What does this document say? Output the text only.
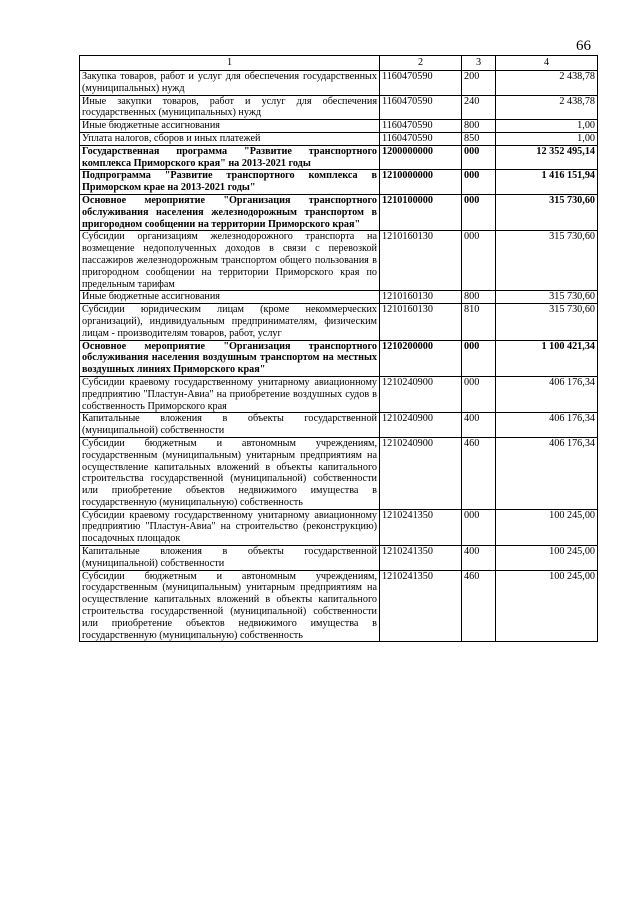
66
1	2	3	4
Закупка товаров, работ и услуг для обеспечения государственных (муниципальных) нужд	1160470590	200	2 438,78
Иные закупки товаров, работ и услуг для обеспечения государственных (муниципальных) нужд	1160470590	240	2 438,78
Иные бюджетные ассигнования	1160470590	800	1,00
Уплата налогов, сборов и иных платежей	1160470590	850	1,00
Государственная программа "Развитие транспортного комплекса Приморского края" на 2013-2021 годы	1200000000	000	12 352 495,14
Подпрограмма "Развитие транспортного комплекса в Приморском крае на 2013-2021 годы"	1210000000	000	1 416 151,94
Основное мероприятие "Организация транспортного обслуживания населения железнодорожным транспортом в пригородном сообщении на территории Приморского края"	1210100000	000	315 730,60
Субсидии организациям железнодорожного транспорта на возмещение недополученных доходов в связи с перевозкой пассажиров железнодорожным транспортом общего пользования в пригородном сообщении на территории Приморского края по предельным тарифам	1210160130	000	315 730,60
Иные бюджетные ассигнования	1210160130	800	315 730,60
Субсидии юридическим лицам (кроме некоммерческих организаций), индивидуальным предпринимателям, физическим лицам - производителям товаров, работ, услуг	1210160130	810	315 730,60
Основное мероприятие "Организация транспортного обслуживания населения воздушным транспортом на местных воздушных линиях Приморского края"	1210200000	000	1 100 421,34
Субсидии краевому государственному унитарному авиационному предприятию "Пластун-Авиа" на приобретение воздушных судов в собственность Приморского края	1210240900	000	406 176,34
Капитальные вложения в объекты государственной (муниципальной) собственности	1210240900	400	406 176,34
Субсидии бюджетным и автономным учреждениям, государственным (муниципальным) унитарным предприятиям на осуществление капитальных вложений в объекты капитального строительства государственной (муниципальной) собственности или приобретение объектов недвижимого имущества в государственную (муниципальную) собственность	1210240900	460	406 176,34
Субсидии краевому государственному унитарному авиационному предприятию "Пластун-Авиа" на строительство (реконструкцию) посадочных площадок	1210241350	000	100 245,00
Капитальные вложения в объекты государственной (муниципальной) собственности	1210241350	400	100 245,00
Субсидии бюджетным и автономным учреждениям, государственным (муниципальным) унитарным предприятиям на осуществление капитальных вложений в объекты капитального строительства государственной (муниципальной) собственности или приобретение объектов недвижимого имущества в государственную (муниципальную) собственность	1210241350	460	100 245,00
